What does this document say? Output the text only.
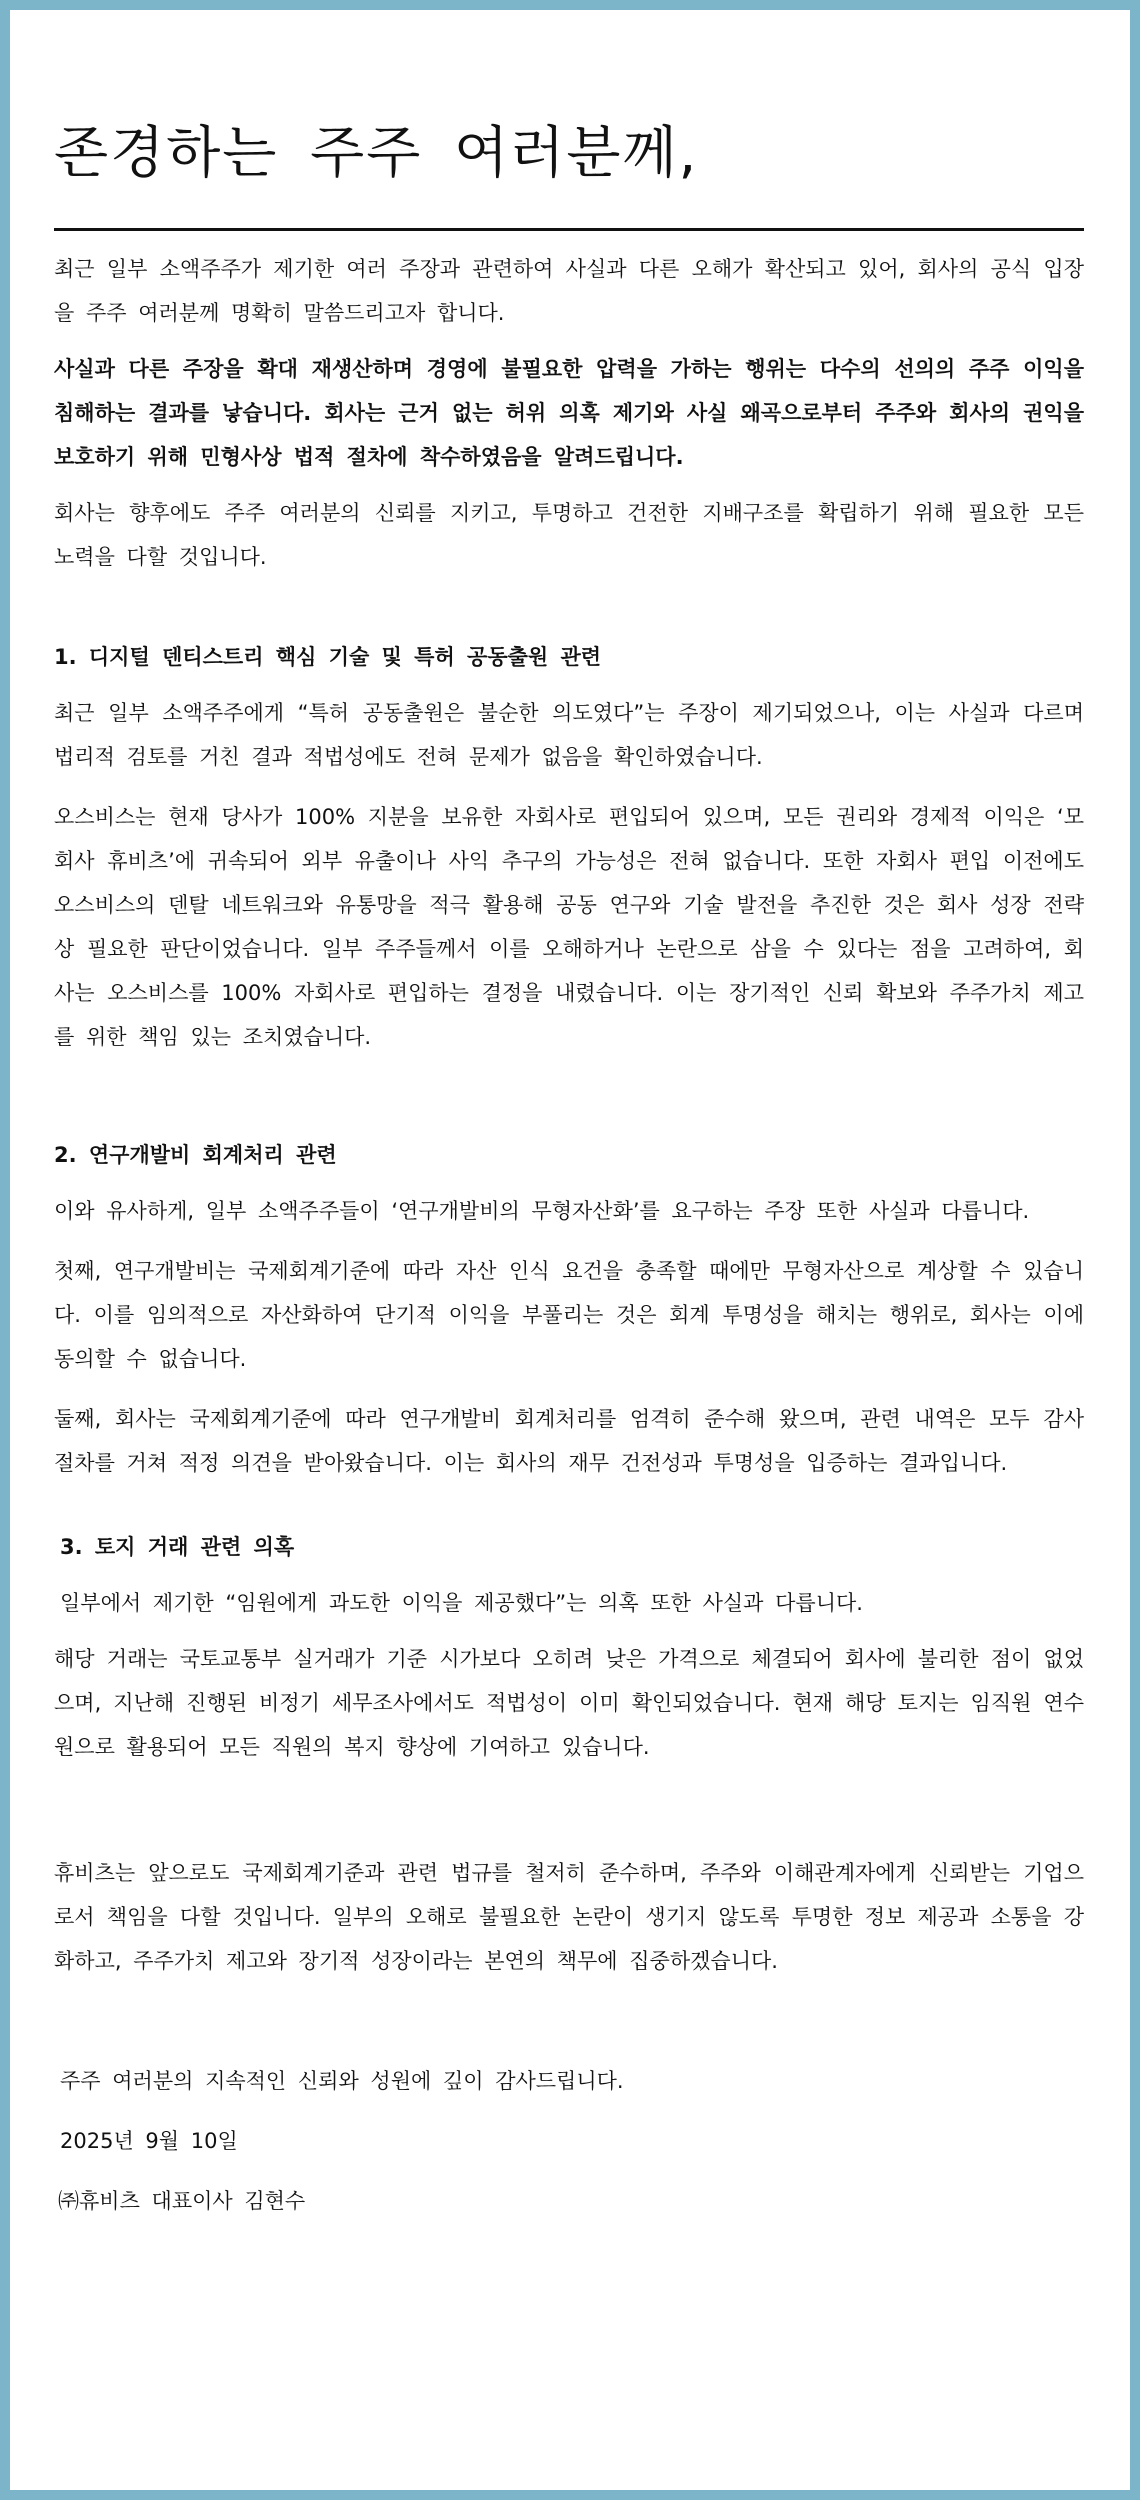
존경하는 주주 여러분께,

최근 일부 소액주주가 제기한 여러 주장과 관련하여 사실과 다른 오해가 확산되고 있어, 회사의 공식 입장을 주주 여러분께 명확히 말씀드리고자 합니다.

사실과 다른 주장을 확대 재생산하며 경영에 불필요한 압력을 가하는 행위는 다수의 선의의 주주 이익을 침해하는 결과를 낳습니다. 회사는 근거 없는 허위 의혹 제기와 사실 왜곡으로부터 주주와 회사의 권익을 보호하기 위해 민형사상 법적 절차에 착수하였음을 알려드립니다.

회사는 향후에도 주주 여러분의 신뢰를 지키고, 투명하고 건전한 지배구조를 확립하기 위해 필요한 모든 노력을 다할 것입니다.

1. 디지털 덴티스트리 핵심 기술 및 특허 공동출원 관련

최근 일부 소액주주에게 “특허 공동출원은 불순한 의도였다”는 주장이 제기되었으나, 이는 사실과 다르며 법리적 검토를 거친 결과 적법성에도 전혀 문제가 없음을 확인하였습니다.

오스비스는 현재 당사가 100% 지분을 보유한 자회사로 편입되어 있으며, 모든 권리와 경제적 이익은 ‘모회사 휴비츠’에 귀속되어 외부 유출이나 사익 추구의 가능성은 전혀 없습니다. 또한 자회사 편입 이전에도 오스비스의 덴탈 네트워크와 유통망을 적극 활용해 공동 연구와 기술 발전을 추진한 것은 회사 성장 전략상 필요한 판단이었습니다. 일부 주주들께서 이를 오해하거나 논란으로 삼을 수 있다는 점을 고려하여, 회사는 오스비스를 100% 자회사로 편입하는 결정을 내렸습니다. 이는 장기적인 신뢰 확보와 주주가치 제고를 위한 책임 있는 조치였습니다.

2. 연구개발비 회계처리 관련

이와 유사하게, 일부 소액주주들이 ‘연구개발비의 무형자산화’를 요구하는 주장 또한 사실과 다릅니다.

첫째, 연구개발비는 국제회계기준에 따라 자산 인식 요건을 충족할 때에만 무형자산으로 계상할 수 있습니다. 이를 임의적으로 자산화하여 단기적 이익을 부풀리는 것은 회계 투명성을 해치는 행위로, 회사는 이에 동의할 수 없습니다.

둘째, 회사는 국제회계기준에 따라 연구개발비 회계처리를 엄격히 준수해 왔으며, 관련 내역은 모두 감사 절차를 거쳐 적정 의견을 받아왔습니다. 이는 회사의 재무 건전성과 투명성을 입증하는 결과입니다.

3. 토지 거래 관련 의혹

일부에서 제기한 “임원에게 과도한 이익을 제공했다”는 의혹 또한 사실과 다릅니다.

해당 거래는 국토교통부 실거래가 기준 시가보다 오히려 낮은 가격으로 체결되어 회사에 불리한 점이 없었으며, 지난해 진행된 비정기 세무조사에서도 적법성이 이미 확인되었습니다. 현재 해당 토지는 임직원 연수원으로 활용되어 모든 직원의 복지 향상에 기여하고 있습니다.

휴비츠는 앞으로도 국제회계기준과 관련 법규를 철저히 준수하며, 주주와 이해관계자에게 신뢰받는 기업으로서 책임을 다할 것입니다. 일부의 오해로 불필요한 논란이 생기지 않도록 투명한 정보 제공과 소통을 강화하고, 주주가치 제고와 장기적 성장이라는 본연의 책무에 집중하겠습니다.

주주 여러분의 지속적인 신뢰와 성원에 깊이 감사드립니다.

2025년 9월 10일

㈜휴비츠 대표이사 김현수
